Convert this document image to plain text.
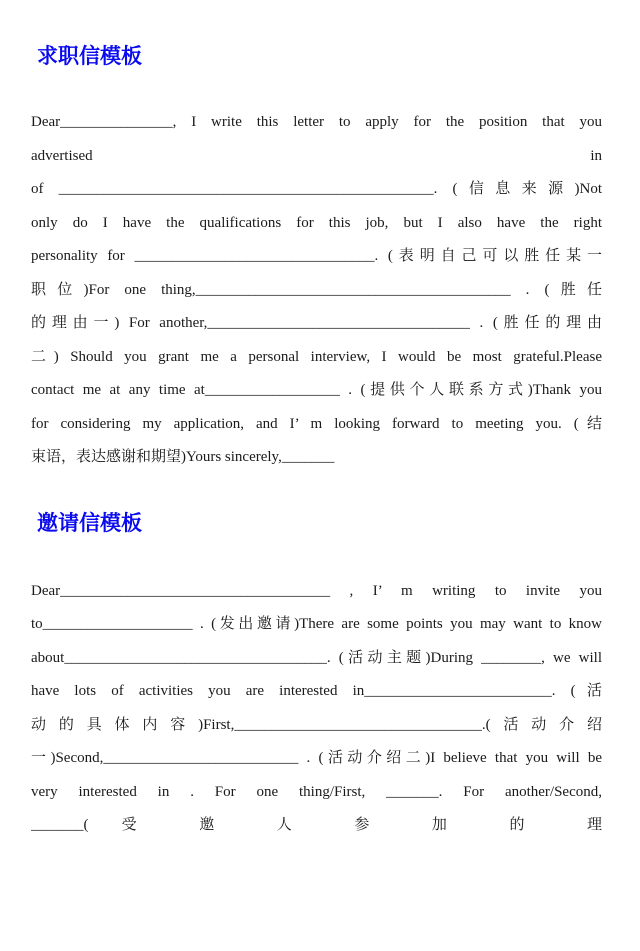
求职信模板
Dear_______________, I write this letter to apply for the position that you
advertised in
of __________________________________________________. (信息来源)Not
only do I have the qualifications for this job, but I also have the right
personality for ________________________________. (表明自己可以胜任某一
职位)For one thing,__________________________________________ . (胜任
的理由一) For another,___________________________________ . (胜任的理由
二) Should you grant me a personal interview, I would be most grateful.Please
contact me at any time at__________________ . (提供个人联系方式)Thank you
for considering my application, and I’ m looking forward to meeting you. (结
束语，表达感谢和期望)Yours sincerely,_______
邀请信模板
Dear____________________________________ , I’ m writing to invite you
to____________________ . (发出邀请)There are some points you may want to know
about___________________________________. (活动主题)During ________, we will
have lots of activities you are interested in_________________________. (活
动的具体内容)First,_________________________________.(活动介绍
一)Second,__________________________ . (活动介绍二)I believe that you will be
very interested in . For one thing/First, _______. For another/Second,
_______( 受 邀 人 参 加 的 理
